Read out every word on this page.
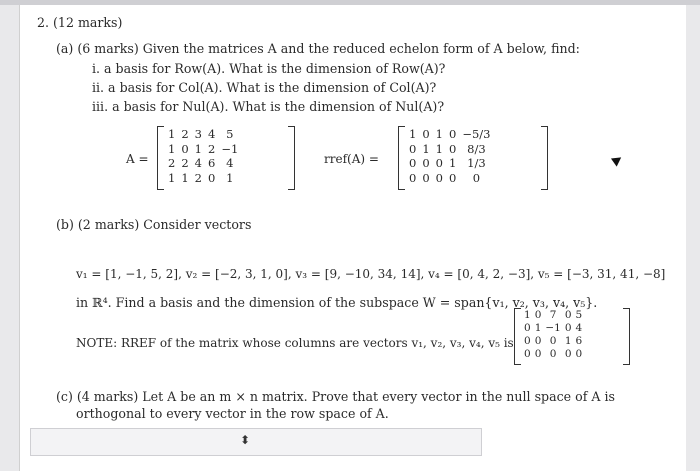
2. (12 marks)
(a) (6 marks) Given the matrices A and the reduced echelon form of A below, find:
i. a basis for Row(A). What is the dimension of Row(A)?
ii. a basis for Col(A). What is the dimension of Col(A)?
iii. a basis for Nul(A). What is the dimension of Nul(A)?
A =
1	2	3	4	5
1	0	1	2	−1
2	2	4	6	4
1	1	2	0	1
rref(A) =
1	0	1	0	−5/3
0	1	1	0	8/3
0	0	0	1	1/3
0	0	0	0	0
(b) (2 marks) Consider vectors
v₁ = [1, −1, 5, 2], v₂ = [−2, 3, 1, 0], v₃ = [9, −10, 34, 14], v₄ = [0, 4, 2, −3], v₅ = [−3, 31, 41, −8]
in ℝ⁴. Find a basis and the dimension of the subspace W = span{v₁, v₂, v₃, v₄, v₅}.
NOTE: RREF of the matrix whose columns are vectors v₁, v₂, v₃, v₄, v₅ is
1	0	7	0	5
0	1	−1	0	4
0	0	0	1	6
0	0	0	0	0
(c) (4 marks) Let A be an m × n matrix. Prove that every vector in the null space of A is
orthogonal to every vector in the row space of A.
⬍
